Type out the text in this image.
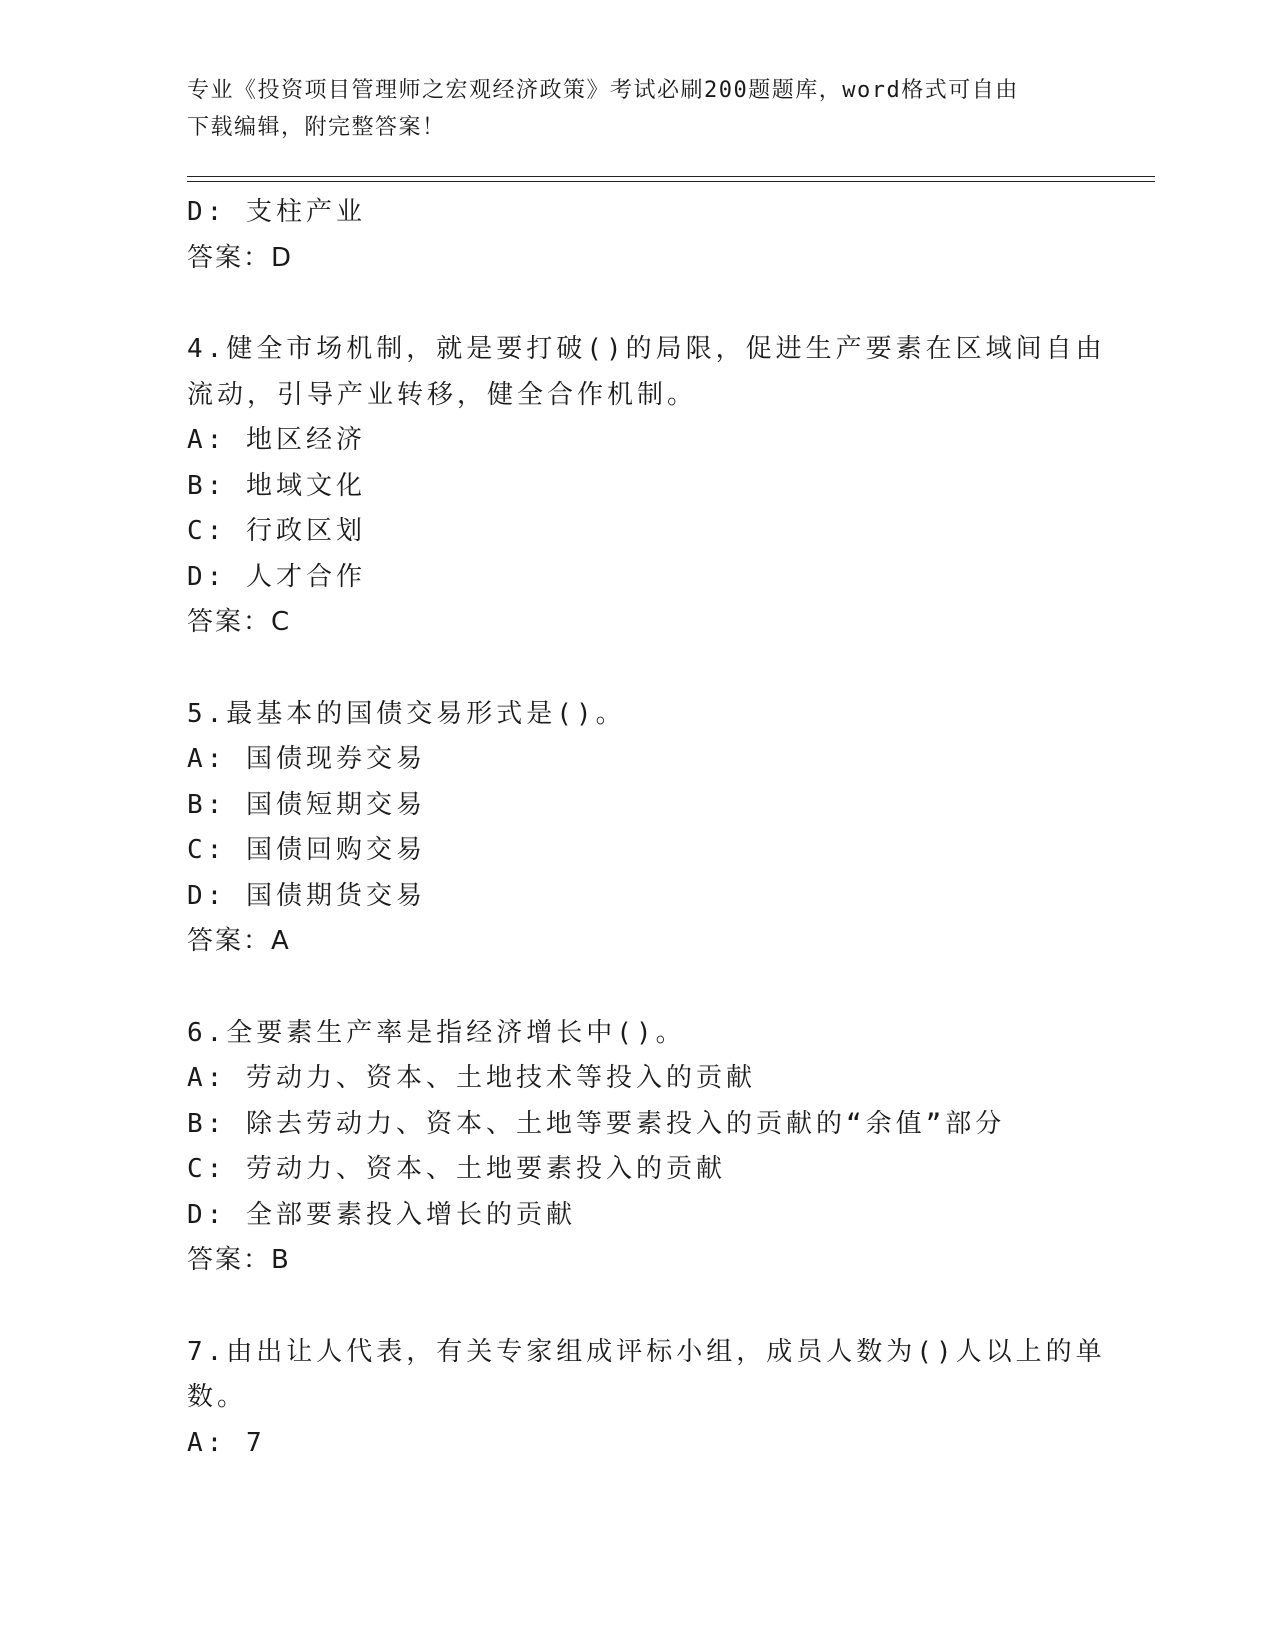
专业《投资项目管理师之宏观经济政策》考试必刷200题题库，word格式可自由
下载编辑，附完整答案！
D: 支柱产业
答案：D
4.健全市场机制，就是要打破()的局限，促进生产要素在区域间自由
流动，引导产业转移，健全合作机制。
A: 地区经济
B: 地域文化
C: 行政区划
D: 人才合作
答案：C
5.最基本的国债交易形式是()。
A: 国债现券交易
B: 国债短期交易
C: 国债回购交易
D: 国债期货交易
答案：A
6.全要素生产率是指经济增长中()。
A: 劳动力、资本、土地技术等投入的贡献
B: 除去劳动力、资本、土地等要素投入的贡献的“余值”部分
C: 劳动力、资本、土地要素投入的贡献
D: 全部要素投入增长的贡献
答案：B
7.由出让人代表，有关专家组成评标小组，成员人数为()人以上的单
数。
A: 7
